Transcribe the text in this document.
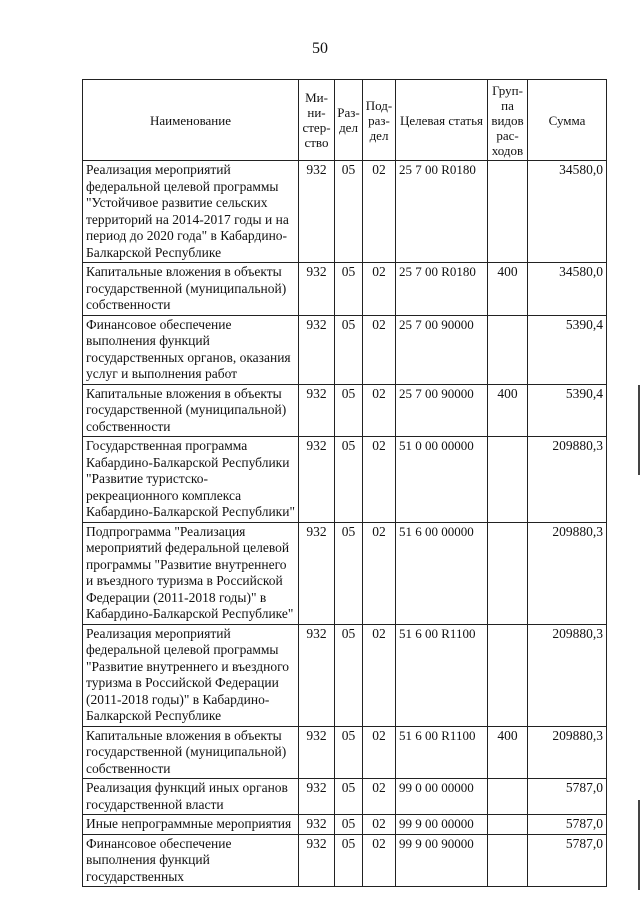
50
Наименование	Ми-ни-стер-ство	Раз-дел	Под-раз-дел	Целевая статья	Груп-па видов рас-ходов	Сумма
Реализация мероприятий федеральной целевой программы "Устойчивое развитие сельских территорий на 2014-2017 годы и на период до 2020 года" в Кабардино-Балкарской Республике	932	05	02	25 7 00 R0180		34580,0
Капитальные вложения в объекты государственной (муниципальной) собственности	932	05	02	25 7 00 R0180	400	34580,0
Финансовое обеспечение выполнения функций государственных органов, оказания услуг и выполнения работ	932	05	02	25 7 00 90000		5390,4
Капитальные вложения в объекты государственной (муниципальной) собственности	932	05	02	25 7 00 90000	400	5390,4
Государственная программа Кабардино-Балкарской Республики "Развитие туристско-рекреационного комплекса Кабардино-Балкарской Республики"	932	05	02	51 0 00 00000		209880,3
Подпрограмма "Реализация мероприятий федеральной целевой программы "Развитие внутреннего и въездного туризма в Российской Федерации (2011-2018 годы)" в Кабардино-Балкарской Республике"	932	05	02	51 6 00 00000		209880,3
Реализация мероприятий федеральной целевой программы "Развитие внутреннего и въездного туризма в Российской Федерации (2011-2018 годы)" в Кабардино-Балкарской Республике	932	05	02	51 6 00 R1100		209880,3
Капитальные вложения в объекты государственной (муниципальной) собственности	932	05	02	51 6 00 R1100	400	209880,3
Реализация функций иных органов государственной власти	932	05	02	99 0 00 00000		5787,0
Иные непрограммные мероприятия	932	05	02	99 9 00 00000		5787,0
Финансовое обеспечение выполнения функций государственных	932	05	02	99 9 00 90000		5787,0
